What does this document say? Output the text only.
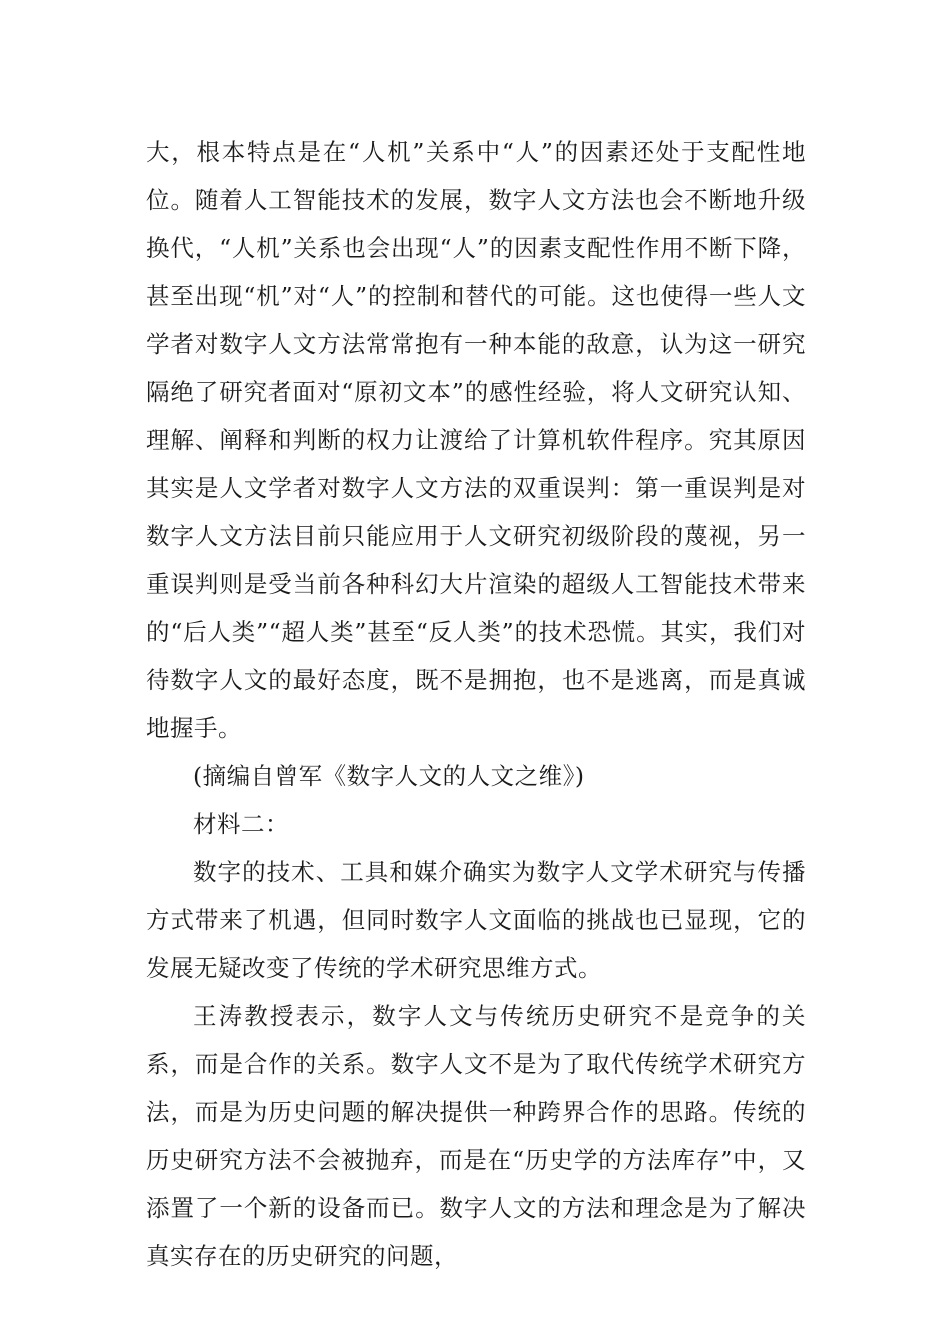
大，根本特点是在“人机”关系中“人”的因素还处于支配性地位。随着人工智能技术的发展，数字人文方法也会不断地升级换代，“人机”关系也会出现“人”的因素支配性作用不断下降，甚至出现“机”对“人”的控制和替代的可能。这也使得一些人文学者对数字人文方法常常抱有一种本能的敌意，认为这一研究隔绝了研究者面对“原初文本”的感性经验，将人文研究认知、理解、阐释和判断的权力让渡给了计算机软件程序。究其原因其实是人文学者对数字人文方法的双重误判：第一重误判是对数字人文方法目前只能应用于人文研究初级阶段的蔑视，另一重误判则是受当前各种科幻大片渲染的超级人工智能技术带来的“后人类”“超人类”甚至“反人类”的技术恐慌。其实，我们对待数字人文的最好态度，既不是拥抱，也不是逃离，而是真诚地握手。

(摘编自曾军《数字人文的人文之维》)

材料二：

数字的技术、工具和媒介确实为数字人文学术研究与传播方式带来了机遇，但同时数字人文面临的挑战也已显现，它的发展无疑改变了传统的学术研究思维方式。

王涛教授表示，数字人文与传统历史研究不是竞争的关系，而是合作的关系。数字人文不是为了取代传统学术研究方法，而是为历史问题的解决提供一种跨界合作的思路。传统的历史研究方法不会被抛弃，而是在“历史学的方法库存”中，又添置了一个新的设备而已。数字人文的方法和理念是为了解决真实存在的历史研究的问题，
